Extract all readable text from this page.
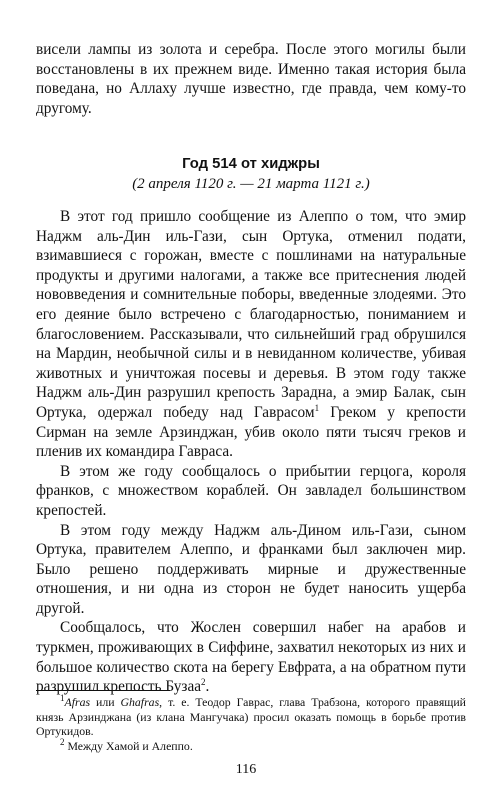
висели лампы из золота и серебра. После этого могилы были восстановлены в их прежнем виде. Именно такая история была поведана, но Аллаху лучше известно, где правда, чем кому-то другому.

Год 514 от хиджры
(2 апреля 1120 г. — 21 марта 1121 г.)

В этот год пришло сообщение из Алеппо о том, что эмир Наджм аль-Дин иль-Гази, сын Ортука, отменил подати, взимавшиеся с горожан, вместе с пошлинами на натуральные продукты и другими налогами, а также все притеснения людей нововведения и сомнительные поборы, введенные злодеями. Это его деяние было встречено с благодарностью, пониманием и благословением. Рассказывали, что сильнейший град обрушился на Мардин, необычной силы и в невиданном количестве, убивая животных и уничтожая посевы и деревья. В этом году также Наджм аль-Дин разрушил крепость Зараднa, а эмир Балак, сын Ортука, одержал победу над Гаврасом$^1$ Греком у крепости Сирман на земле Арзинджан, убив около пяти тысяч греков и пленив их командира Гавраса.

В этом же году сообщалось о прибытии герцога, короля франков, с множеством кораблей. Он завладел большинством крепостей.

В этом году между Наджм аль-Дином иль-Гази, сыном Ортука, правителем Алеппо, и франками был заключен мир. Было решено поддерживать мирные и дружественные отношения, и ни одна из сторон не будет наносить ущерба другой.

Сообщалось, что Жослен совершил набег на арабов и туркмен, проживающих в Сиффине, захватил некоторых из них и большое количество скота на берегу Евфрата, а на обратном пути разрушил крепость Бузаа$^2$.

$^1$Afras или Ghafras, т. е. Теодор Гаврас, глава Трабзона, которого правящий князь Арзинджана (из клана Мангучака) просил оказать помощь в борьбе против Ортукидов.

$^2$ Между Хамой и Алеппо.

116
